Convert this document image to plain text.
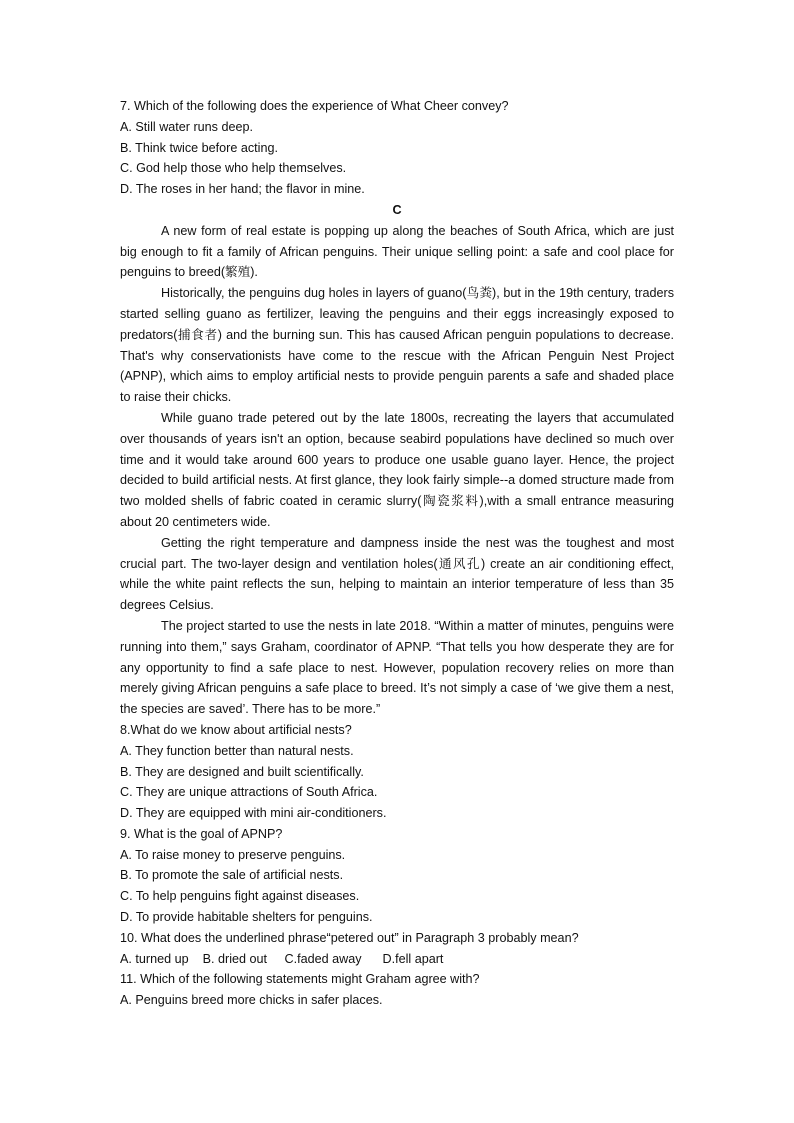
7. Which of the following does the experience of What Cheer convey?
A. Still water runs deep.
B. Think twice before acting.
C. God help those who help themselves.
D. The roses in her hand; the flavor in mine.
C
A new form of real estate is popping up along the beaches of South Africa, which are just big enough to fit a family of African penguins. Their unique selling point: a safe and cool place for penguins to breed(繁殖).
Historically, the penguins dug holes in layers of guano(鸟粪), but in the 19th century, traders started selling guano as fertilizer, leaving the penguins and their eggs increasingly exposed to predators(捕食者) and the burning sun. This has caused African penguin populations to decrease. That's why conservationists have come to the rescue with the African Penguin Nest Project (APNP), which aims to employ artificial nests to provide penguin parents a safe and shaded place to raise their chicks.
While guano trade petered out by the late 1800s, recreating the layers that accumulated over thousands of years isn't an option, because seabird populations have declined so much over time and it would take around 600 years to produce one usable guano layer. Hence, the project decided to build artificial nests. At first glance, they look fairly simple--a domed structure made from two molded shells of fabric coated in ceramic slurry(陶瓷浆料),with a small entrance measuring about 20 centimeters wide.
Getting the right temperature and dampness inside the nest was the toughest and most crucial part. The two-layer design and ventilation holes(通风孔) create an air conditioning effect, while the white paint reflects the sun, helping to maintain an interior temperature of less than 35 degrees Celsius.
The project started to use the nests in late 2018. “Within a matter of minutes, penguins were running into them,” says Graham, coordinator of APNP. “That tells you how desperate they are for any opportunity to find a safe place to nest. However, population recovery relies on more than merely giving African penguins a safe place to breed. It’s not simply a case of ‘we give them a nest, the species are saved’. There has to be more.”
8.What do we know about artificial nests?
A. They function better than natural nests.
B. They are designed and built scientifically.
C. They are unique attractions of South Africa.
D. They are equipped with mini air-conditioners.
9. What is the goal of APNP?
A. To raise money to preserve penguins.
B. To promote the sale of artificial nests.
C. To help penguins fight against diseases.
D. To provide habitable shelters for penguins.
10. What does the underlined phrase“petered out” in Paragraph 3 probably mean?
A. turned up    B. dried out     C.faded away      D.fell apart
11. Which of the following statements might Graham agree with?
A. Penguins breed more chicks in safer places.
